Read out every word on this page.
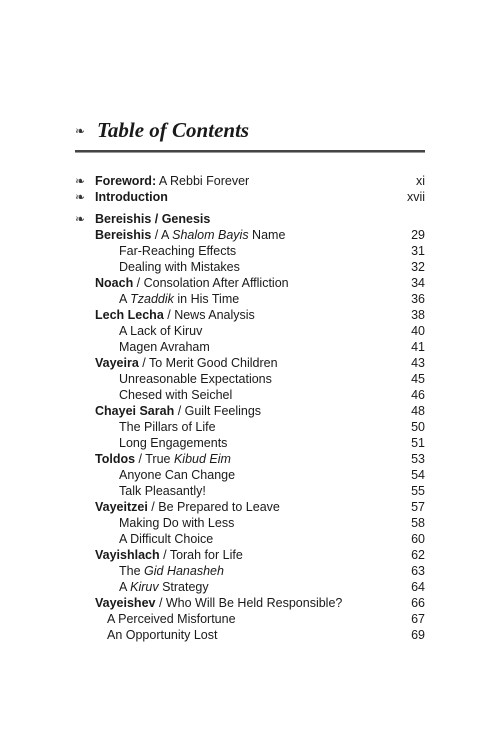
❧ Table of Contents
❧ Foreword: A Rebbi Forever	xi
❧ Introduction	xvii
❧ Bereishis / Genesis
Bereishis / A Shalom Bayis Name	29
Far-Reaching Effects	31
Dealing with Mistakes	32
Noach / Consolation After Affliction	34
A Tzaddik in His Time	36
Lech Lecha / News Analysis	38
A Lack of Kiruv	40
Magen Avraham	41
Vayeira / To Merit Good Children	43
Unreasonable Expectations	45
Chesed with Seichel	46
Chayei Sarah / Guilt Feelings	48
The Pillars of Life	50
Long Engagements	51
Toldos / True Kibud Eim	53
Anyone Can Change	54
Talk Pleasantly!	55
Vayeitzei / Be Prepared to Leave	57
Making Do with Less	58
A Difficult Choice	60
Vayishlach / Torah for Life	62
The Gid Hanasheh	63
A Kiruv Strategy	64
Vayeishev / Who Will Be Held Responsible?	66
A Perceived Misfortune	67
An Opportunity Lost	69
